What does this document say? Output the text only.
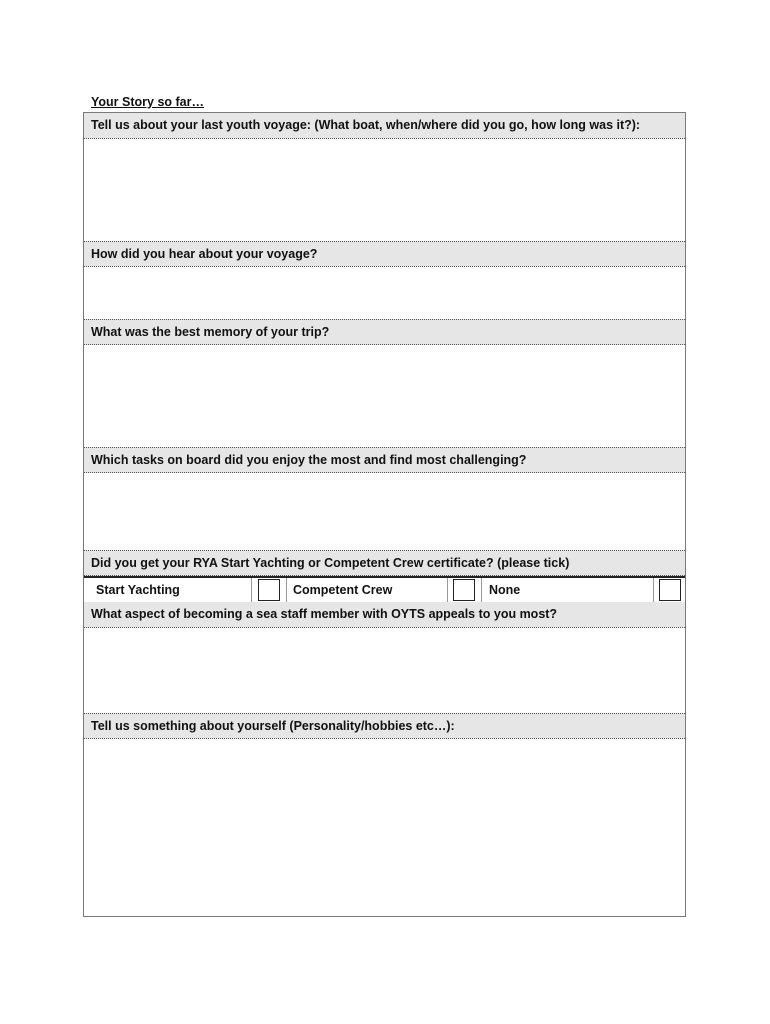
Your Story so far…
Tell us about your last youth voyage: (What boat, when/where did you go, how long was it?):
How did you hear about your voyage?
What was the best memory of your trip?
Which tasks on board did you enjoy the most and find most challenging?
Did you get your RYA Start Yachting or Competent Crew certificate? (please tick)
Start Yachting	Competent Crew	None
What aspect of becoming a sea staff member with OYTS appeals to you most?
Tell us something about yourself (Personality/hobbies etc…):
